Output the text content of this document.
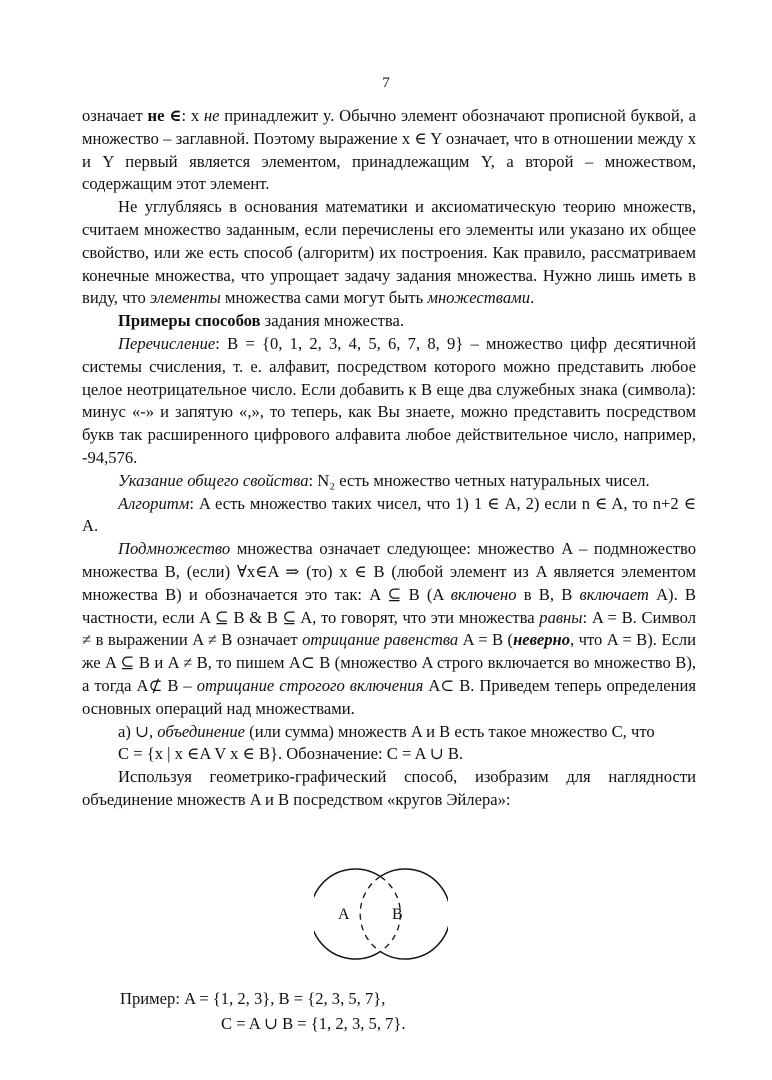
7

означает не ∈: x не принадлежит y. Обычно элемент обозначают прописной буквой, а множество – заглавной. Поэтому выражение x ∈ Y означает, что в отношении между x и Y первый является элементом, принадлежащим Y, а второй – множеством, содержащим этот элемент.

Не углубляясь в основания математики и аксиоматическую теорию множеств, считаем множество заданным, если перечислены его элементы или указано их общее свойство, или же есть способ (алгоритм) их построения. Как правило, рассматриваем конечные множества, что упрощает задачу задания множества. Нужно лишь иметь в виду, что элементы множества сами могут быть множествами.

Примеры способов задания множества.

Перечисление: B = {0, 1, 2, 3, 4, 5, 6, 7, 8, 9} – множество цифр десятичной системы счисления, т. е. алфавит, посредством которого можно представить любое целое неотрицательное число. Если добавить к B еще два служебных знака (символа): минус «-» и запятую «,», то теперь, как Вы знаете, можно представить посредством букв так расширенного цифрового алфавита любое действительное число, например, -94,576.

Указание общего свойства: N₂ есть множество четных натуральных чисел.

Алгоритм: A есть множество таких чисел, что 1) 1 ∈ A, 2) если n ∈ A, то n+2 ∈ A.

Подмножество множества означает следующее: множество A – подмножество множества B, (если) ∀x∈A ⇒ (то) x ∈ B (любой элемент из A является элементом множества B) и обозначается это так: A ⊆ B (A включено в B, B включает A). В частности, если A ⊆ B & B ⊆ A, то говорят, что эти множества равны: A = B. Символ ≠ в выражении A ≠ B означает отрицание равенства A = B (неверно, что A = B). Если же A ⊆ B и A ≠ B, то пишем A⊂ B (множество A строго включается во множество B), а тогда A⊄ B – отрицание строгого включения A⊂ B. Приведем теперь определения основных операций над множествами.

а) ∪, объединение (или сумма) множеств A и B есть такое множество C, что

C = {x | x ∈A V x ∈ B}. Обозначение: C = A ∪ B.

Используя геометрико-графический способ, изобразим для наглядности объединение множеств A и B посредством «кругов Эйлера»:

A	B
Пример: A = {1, 2, 3}, B = {2, 3, 5, 7},
C = A ∪ B = {1, 2, 3, 5, 7}.
